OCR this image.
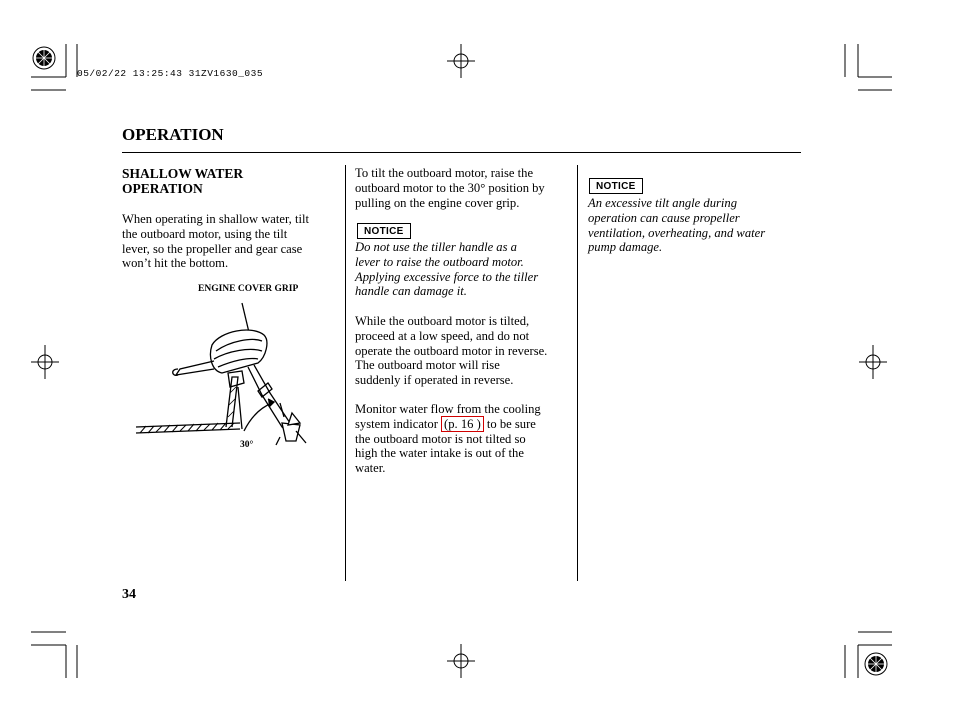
05/02/22 13:25:43 31ZV1630_035
OPERATION
SHALLOW WATER
OPERATION
When operating in shallow water, tilt
the outboard motor, using the tilt
lever, so the propeller and gear case
won’t hit the bottom.
ENGINE COVER GRIP
30°
To tilt the outboard motor, raise the
outboard motor to the 30° position by
pulling on the engine cover grip.
NOTICE
Do not use the tiller handle as a
lever to raise the outboard motor.
Applying excessive force to the tiller
handle can damage it.
While the outboard motor is tilted,
proceed at a low speed, and do not
operate the outboard motor in reverse.
The outboard motor will rise
suddenly if operated in reverse.
Monitor water flow from the cooling
system indicator (p. 16 ) to be sure
the outboard motor is not tilted so
high the water intake is out of the
water.
NOTICE
An excessive tilt angle during
operation can cause propeller
ventilation, overheating, and water
pump damage.
34
